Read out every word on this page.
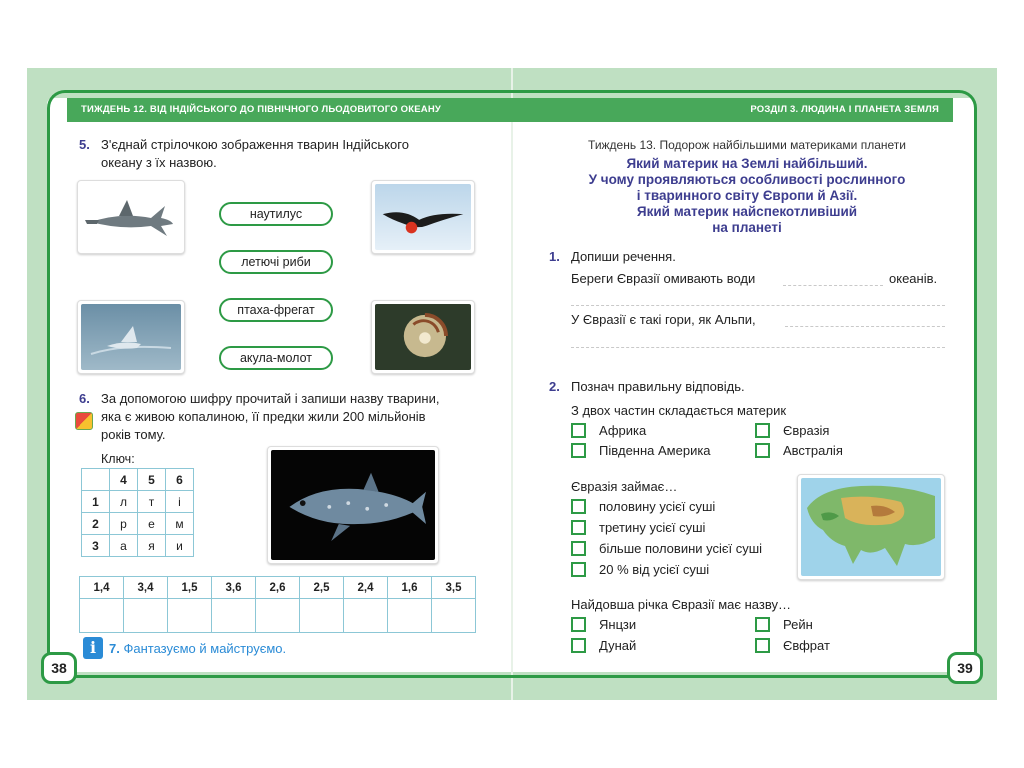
ТИЖДЕНЬ 12. ВІД ІНДІЙСЬКОГО ДО ПІВНІЧНОГО ЛЬОДОВИТОГО ОКЕАНУ	РОЗДІЛ 3. ЛЮДИНА І ПЛАНЕТА ЗЕМЛЯ
38	39
5. З'єднай стрілочкою зображення тварин Індійського
океану з їх назвою.
наутилус
летючі риби
птаха-фрегат
акула-молот
6. За допомогою шифру прочитай і запиши назву тварини,
яка є живою копалиною, її предки жили 200 мільйонів
років тому.
Ключ:
	4	5	6
1	л	т	і
2	р	е	м
3	а	я	и
1,4	3,4	1,5	3,6	2,6	2,5	2,4	1,6	3,5

i 7. Фантазуємо й майструємо.
Тиждень 13. Подорож найбільшими материками планети
Який материк на Землі найбільший.
У чому проявляються особливості рослинного
і тваринного світу Європи й Азії.
Який материк найспекотливіший
на планеті
1. Допиши речення.
Береги Євразії омивають води	океанів.
У Євразії є такі гори, як Альпи,
2. Познач правильну відповідь.
З двох частин складається материк
Африка	Євразія
Південна Америка	Австралія
Євразія займає…
половину усієї суші
третину усієї суші
більше половини усієї суші
20 % від усієї суші
Найдовша річка Євразії має назву…
Янцзи	Рейн
Дунай	Євфрат
